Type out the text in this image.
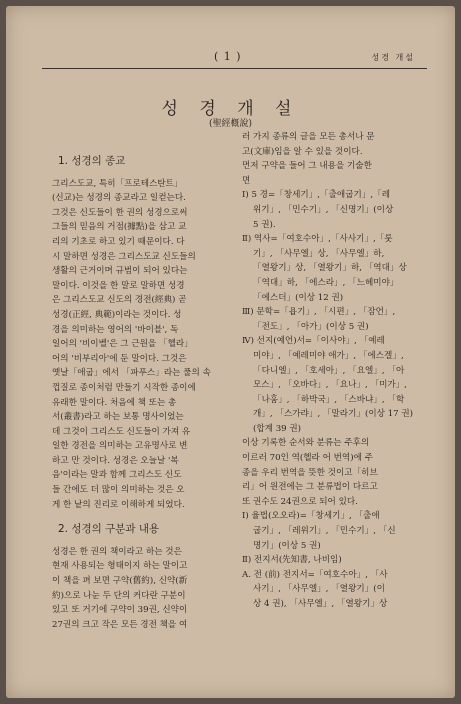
( 1 )	성경 개설
성 경 개 설
(聖經槪說)

1. 성경의 종교

그리스도교, 특히「프로테스탄트」

(신교)는 성경의 종교라고 일컫는다.

그것은 신도들이 한 권의 성경으로써

그들의 믿음의 거점(據點)을 삼고 교

리의 기초로 하고 있기 때문이다. 다

시 말하면 성경은 그리스도교 신도들의

생활의 근거이며 규범이 되어 있다는

말이다. 이것을 한 말로 말하면 성경

은 그리스도교 신도의 경전(經典) 곧

성경(正經, 典範)이라는 것이다. 성

경을 의미하는 영어의 '바이블', 독

일어의 '비이벨'은 그 근원을 「헬라」

어의 '비부리아'에 둔 말이다. 그것은

옛날「애굽」에서 「파푸스」라는 풀의 속

껍질로 종이처럼 만들기 시작한 종이에

유래한 말이다. 처음에 책 또는 총

서(叢書)라고 하는 보통 명사이었는

데 그것이 그리스도 신도들이 가져 유

일한 경전을 의미하는 고유명사로 변

하고 만 것이다. 성경은 오늘날 '복

음'이라는 말과 함께 그리스도 신도

들 간에도 더 많이 의미하는 것은 오

게 한 낱의 진리로 이해하게 되었다.

2. 성경의 구분과 내용

성경은 한 권의 책이라고 하는 것은

현재 사용되는 형태이지 하는 말이고

이 책을 펴 보면 구약(舊約), 신약(新

約)으로 나눈 두 단의 커다란 구분이

있고 또 거기에 구약이 39권, 신약이

27권의 크고 작은 모든 경전 책을 여

러 가지 종류의 글을 모든 총서나 문

고(文庫)임을 알 수 있을 것이다.

먼저 구약을 들어 그 내용을 기술한

면

Ⅰ) 5 경=「창세기」,「출애굽기」,「레

위기」, 「민수기」, 「신명기」(이상

5 권).

Ⅱ) 역사=「여호수아」,「사사기」,「룻

기」, 「사무엘」상, 「사무엘」하,

「열왕기」상, 「열왕기」하, 「역대」상

「역대」하, 「에스라」, 「느헤미야」

「에스더」(이상 12 권)

Ⅲ) 문학=「욥기」, 「시편」, 「잠언」,

「전도」, 「아가」(이상 5 권)

Ⅳ) 선지(예언)서=「이사야」, 「예레

미야」, 「예레미야 애가」, 「에스겔」,

「다니엘」, 「호세아」, 「요엘」, 「아

모스」, 「오바다」, 「요나」, 「미가」,

「나훔」, 「하박국」, 「스바냐」, 「학

개」, 「스가랴」, 「말라기」(이상 17 권)

(합계 39 권)

이상 기록한 순서와 분류는 주후의

이르러 70인 역(헬라 어 번역)에 주

종을 우리 번역을 뜻한 것이고「히브

리」어 원전에는 그 분류법이 다르고

또 권수도 24권으로 되어 있다.

Ⅰ) 율법(오오라)=「창세기」, 「출애

굽기」, 「레위기」, 「민수기」, 「신

명기」(이상 5 권)

Ⅱ) 전지서(先知書, 나비임)

A. 전 (前) 전지서=「여호수아」, 「사

사기」, 「사무엘」, 「열왕기」(이

상 4 권), 「사무엘」, 「열왕기」상
